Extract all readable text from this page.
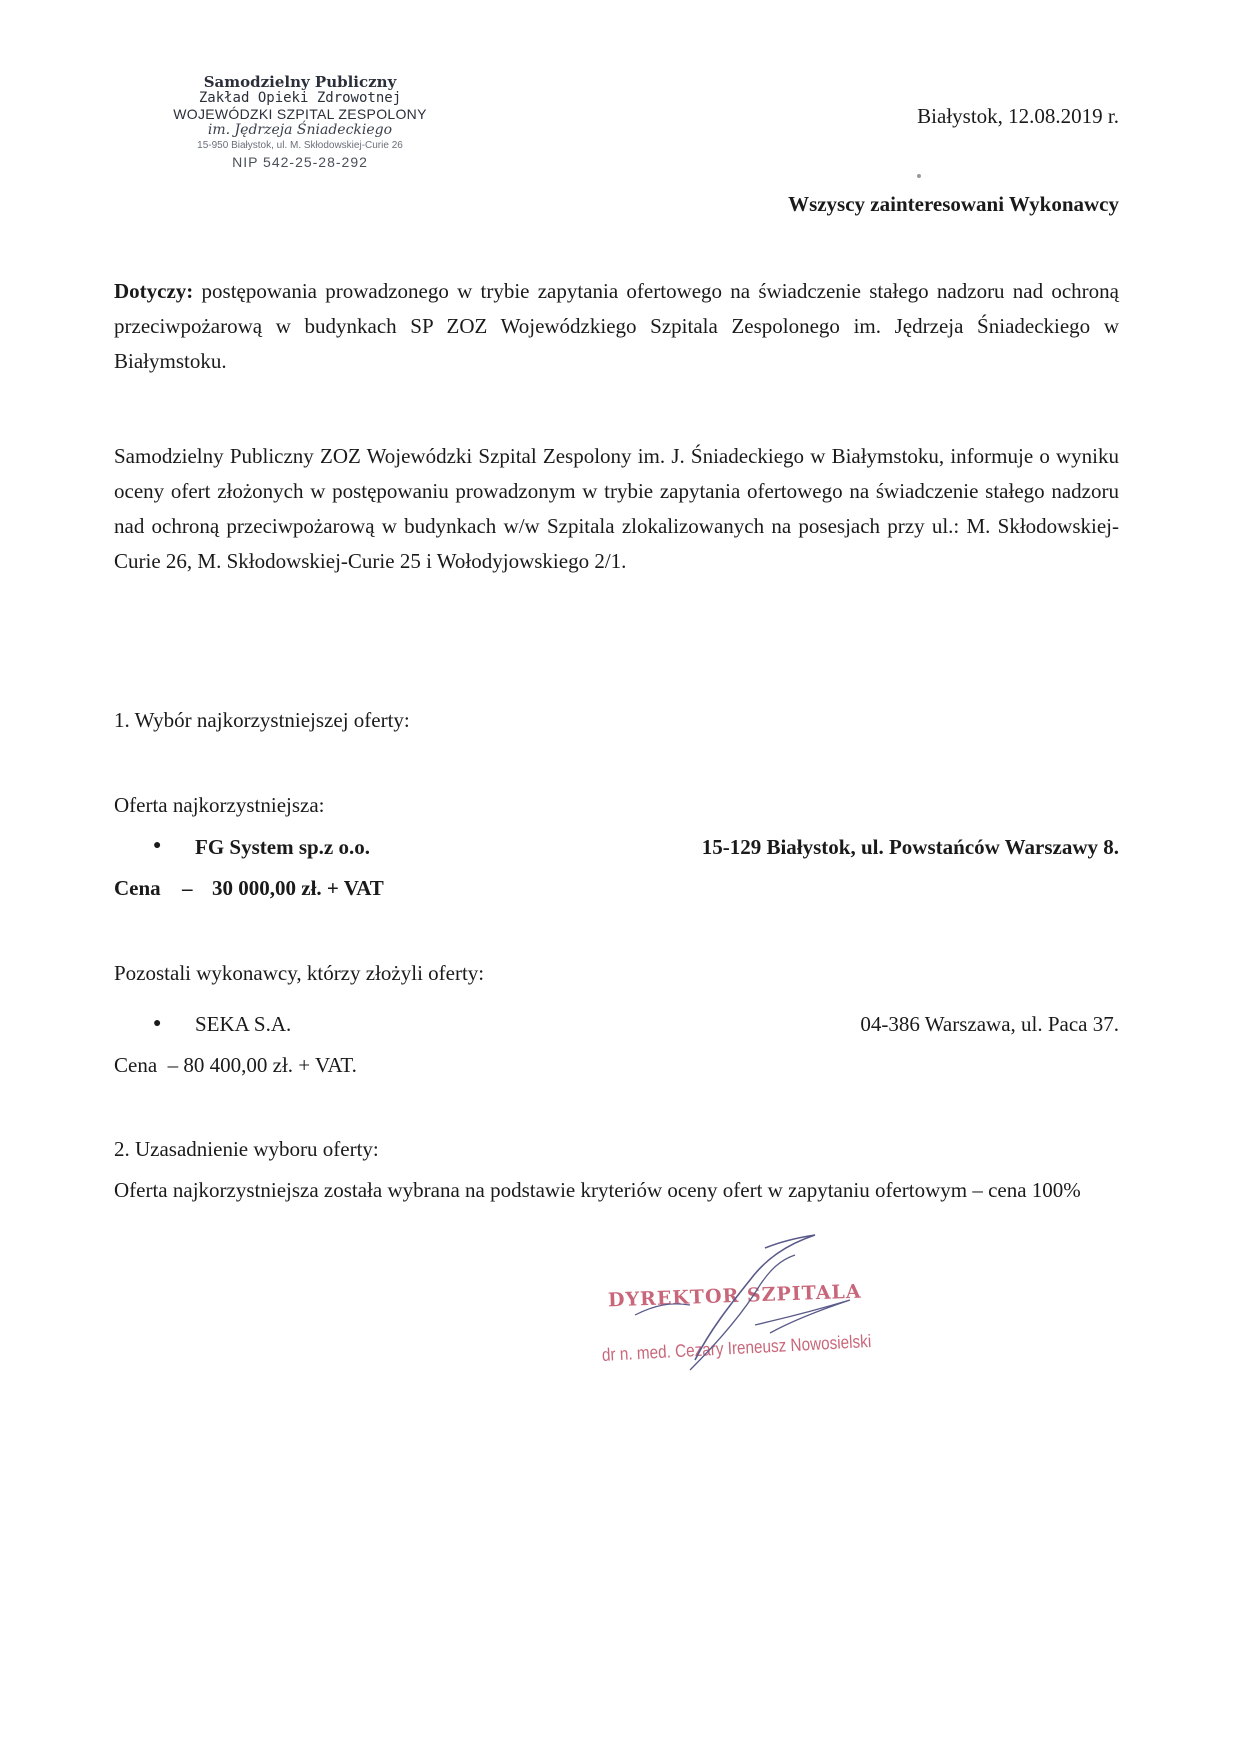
Samodzielny Publiczny
Zakład Opieki Zdrowotnej
WOJEWÓDZKI SZPITAL ZESPOLONY
im. Jędrzeja Śniadeckiego
15-950 Białystok, ul. M. Skłodowskiej-Curie 26
NIP 542-25-28-292
Białystok, 12.08.2019 r.
Wszyscy zainteresowani Wykonawcy
Dotyczy: postępowania prowadzonego w trybie zapytania ofertowego na świadczenie stałego nadzoru nad ochroną przeciwpożarową w budynkach SP ZOZ Wojewódzkiego Szpitala Zespolonego im. Jędrzeja Śniadeckiego w Białymstoku.
Samodzielny Publiczny ZOZ Wojewódzki Szpital Zespolony im. J. Śniadeckiego w Białymstoku, informuje o wyniku oceny ofert złożonych w postępowaniu prowadzonym w trybie zapytania ofertowego na świadczenie stałego nadzoru nad ochroną przeciwpożarową w budynkach w/w Szpitala zlokalizowanych na posesjach przy ul.: M. Skłodowskiej-Curie 26, M. Skłodowskiej-Curie 25 i Wołodyjowskiego 2/1.
1. Wybór najkorzystniejszej oferty:
Oferta najkorzystniejsza:
● FG System sp.z o.o.	15-129 Białystok, ul. Powstańców Warszawy 8.
Cena – 30 000,00 zł. + VAT
Pozostali wykonawcy, którzy złożyli oferty:
● SEKA S.A.	04-386 Warszawa, ul. Paca 37.
Cena  – 80 400,00 zł. + VAT.
2. Uzasadnienie wyboru oferty:
Oferta najkorzystniejsza została wybrana na podstawie kryteriów oceny ofert w zapytaniu ofertowym – cena 100%
DYREKTOR SZPITALA
dr n. med. Cezary Ireneusz Nowosielski
